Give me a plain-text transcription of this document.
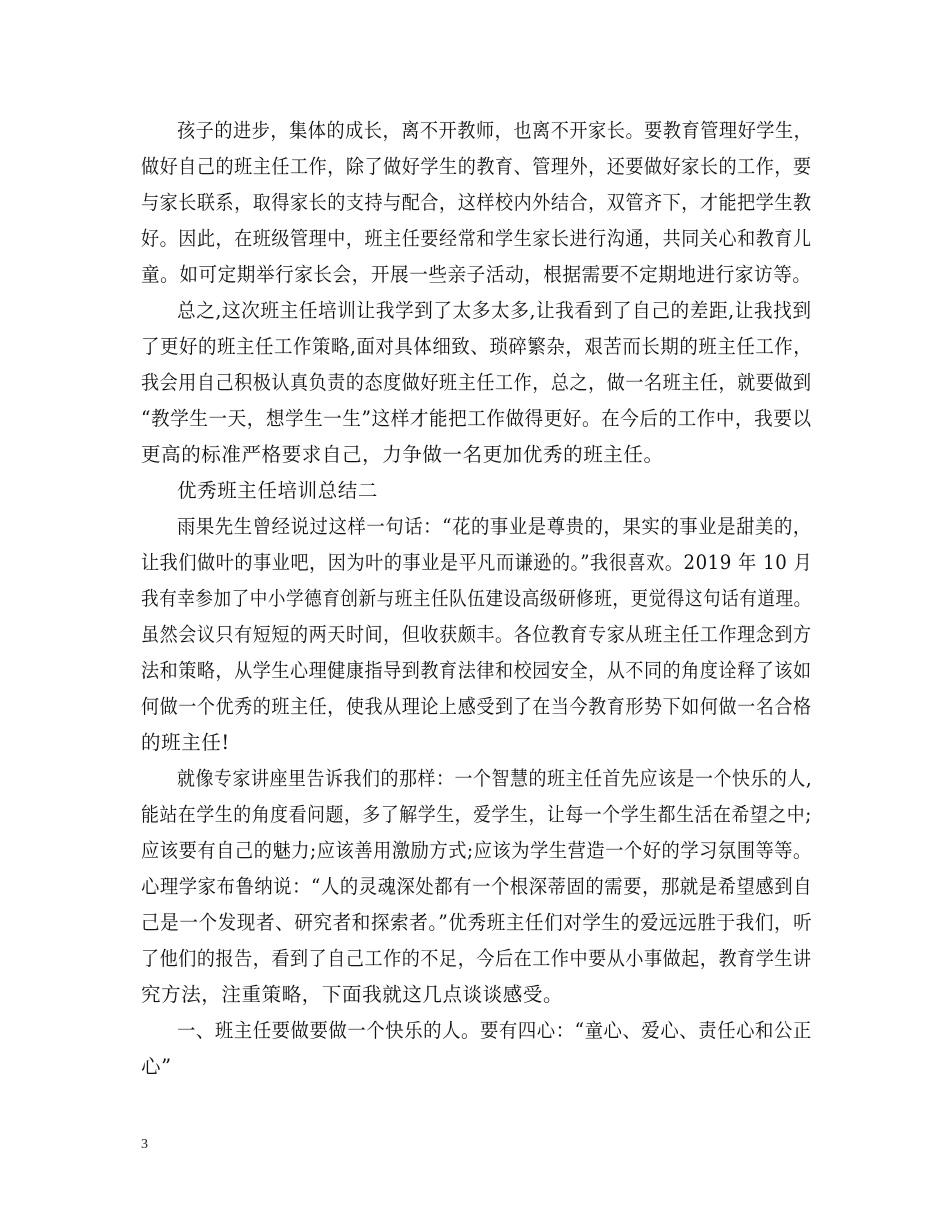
孩子的进步，集体的成长，离不开教师，也离不开家长。要教育管理好学生，
做好自己的班主任工作，除了做好学生的教育、管理外，还要做好家长的工作，要
与家长联系，取得家长的支持与配合，这样校内外结合，双管齐下，才能把学生教
好。因此，在班级管理中，班主任要经常和学生家长进行沟通，共同关心和教育儿
童。如可定期举行家长会，开展一些亲子活动，根据需要不定期地进行家访等。
总之,这次班主任培训让我学到了太多太多,让我看到了自己的差距,让我找到
了更好的班主任工作策略,面对具体细致、琐碎繁杂，艰苦而长期的班主任工作，
我会用自己积极认真负责的态度做好班主任工作，总之，做一名班主任，就要做到
“教学生一天，想学生一生”这样才能把工作做得更好。在今后的工作中，我要以
更高的标准严格要求自己，力争做一名更加优秀的班主任。
优秀班主任培训总结二
雨果先生曾经说过这样一句话：“花的事业是尊贵的，果实的事业是甜美的，
让我们做叶的事业吧，因为叶的事业是平凡而谦逊的。”我很喜欢。2019 年 10 月
我有幸参加了中小学德育创新与班主任队伍建设高级研修班，更觉得这句话有道理。
虽然会议只有短短的两天时间，但收获颇丰。各位教育专家从班主任工作理念到方
法和策略，从学生心理健康指导到教育法律和校园安全，从不同的角度诠释了该如
何做一个优秀的班主任，使我从理论上感受到了在当今教育形势下如何做一名合格
的班主任!
就像专家讲座里告诉我们的那样：一个智慧的班主任首先应该是一个快乐的人,
能站在学生的角度看问题，多了解学生，爱学生，让每一个学生都生活在希望之中;
应该要有自己的魅力;应该善用激励方式;应该为学生营造一个好的学习氛围等等。
心理学家布鲁纳说：“人的灵魂深处都有一个根深蒂固的需要，那就是希望感到自
己是一个发现者、研究者和探索者。”优秀班主任们对学生的爱远远胜于我们，听
了他们的报告，看到了自己工作的不足，今后在工作中要从小事做起，教育学生讲
究方法，注重策略，下面我就这几点谈谈感受。
一、班主任要做要做一个快乐的人。要有四心：“童心、爱心、责任心和公正
心”
3
